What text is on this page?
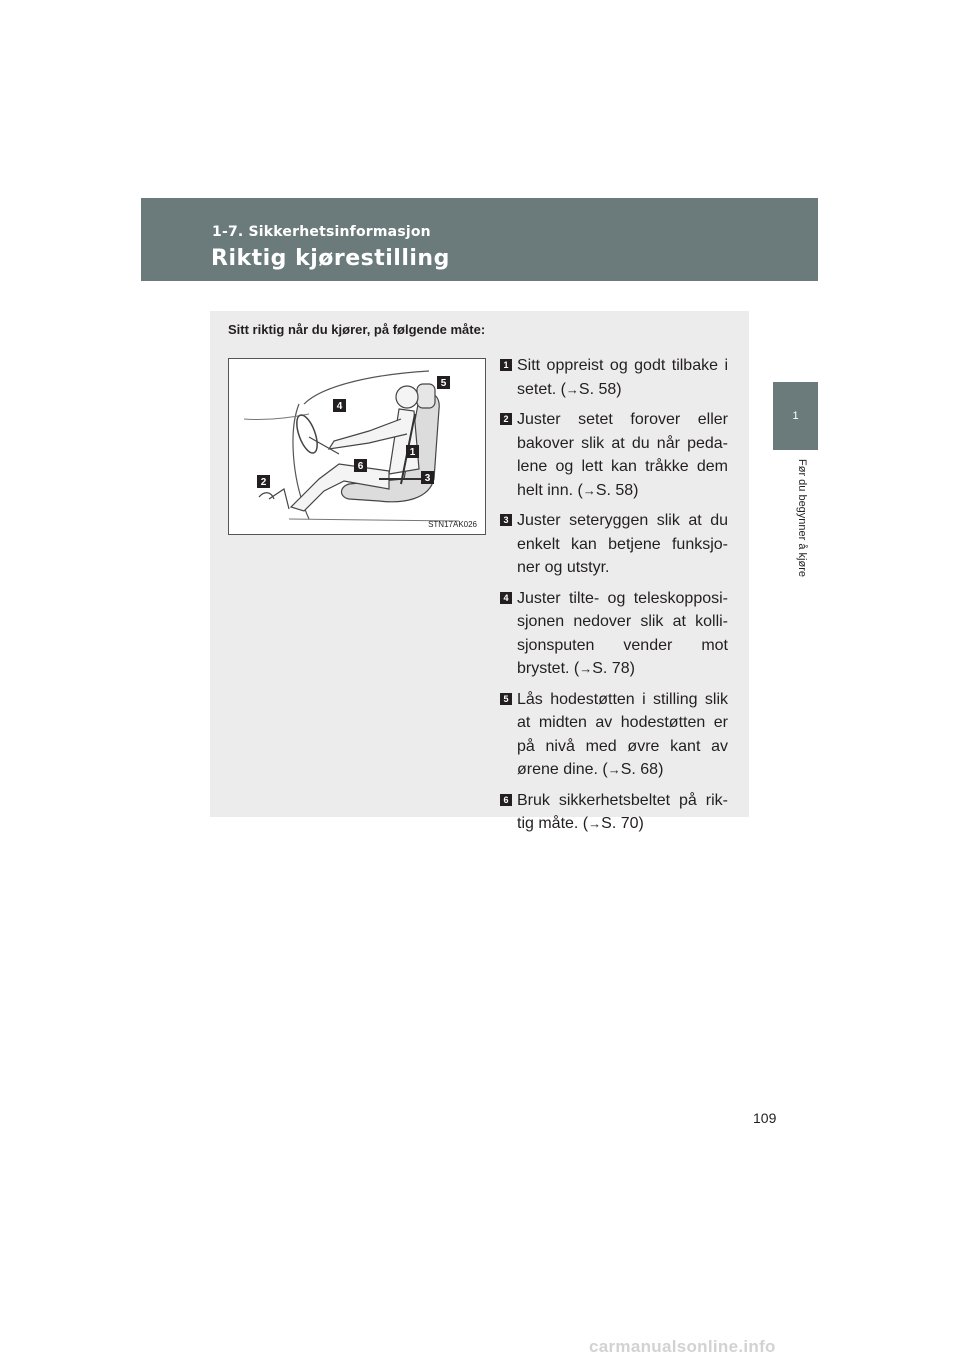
1-7. Sikkerhetsinformasjon
Riktig kjørestilling
1
Før du begynner å kjøre
Sitt riktig når du kjører, på følgende måte:
5
4
1
6
3
2
STN17AK026
1 Sitt oppreist og godt tilbake i setet. (→S. 58)
2 Juster setet forover eller bakover slik at du når peda-lene og lett kan tråkke dem helt inn. (→S. 58)
3 Juster seteryggen slik at du enkelt kan betjene funksjo-ner og utstyr.
4 Juster tilte- og teleskopposi-sjonen nedover slik at kolli-sjonsputen vender mot brystet. (→S. 78)
5 Lås hodestøtten i stilling slik at midten av hodestøtten er på nivå med øvre kant av ørene dine. (→S. 68)
6 Bruk sikkerhetsbeltet på rik-tig måte. (→S. 70)
109
carmanualsonline.info
